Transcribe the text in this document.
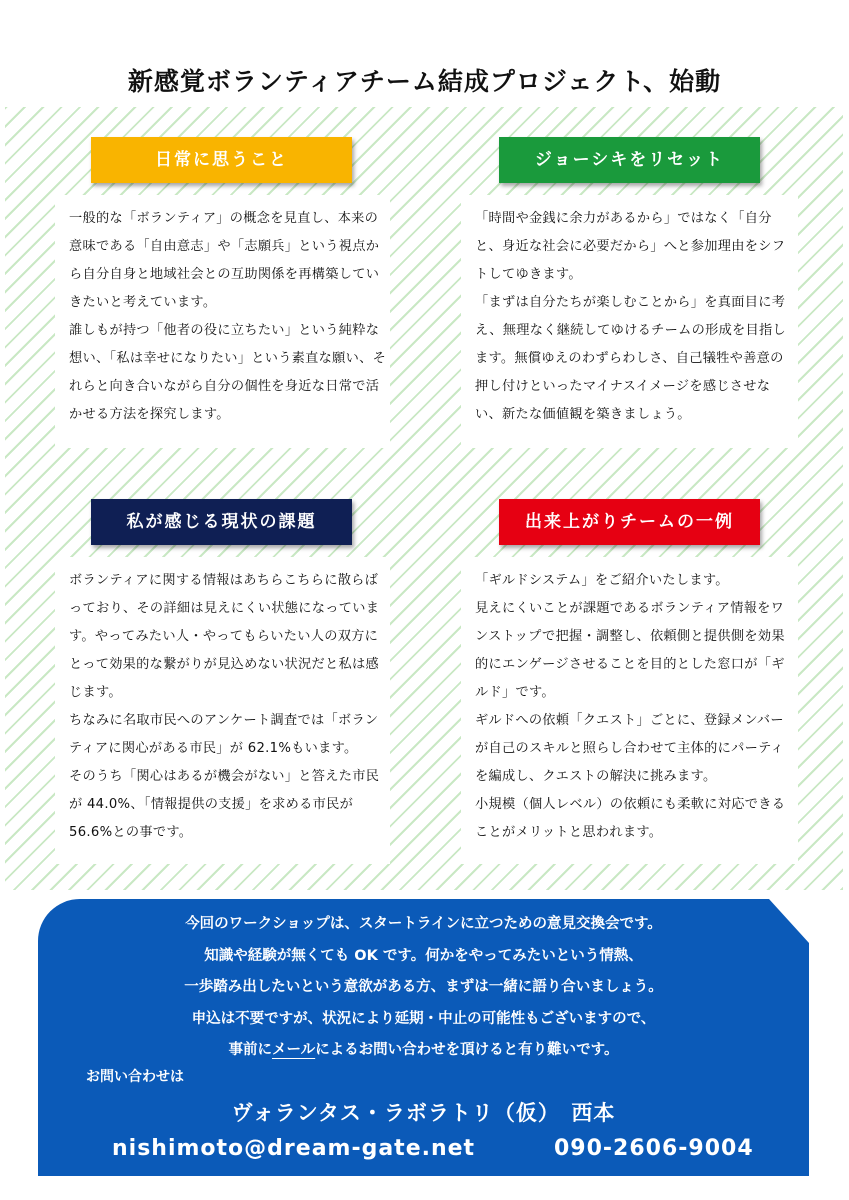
新感覚ボランティアチーム結成プロジェクト、始動

一般的な「ボランティア」の概念を見直し、本来の意味である「自由意志」や「志願兵」という視点から自分自身と地域社会との互助関係を再構築していきたいと考えています。

誰しもが持つ「他者の役に立ちたい」という純粋な想い、「私は幸せになりたい」という素直な願い、それらと向き合いながら自分の個性を身近な日常で活かせる方法を探究します。

日常に思うこと

「時間や金銭に余力があるから」ではなく「自分と、身近な社会に必要だから」へと参加理由をシフトしてゆきます。

「まずは自分たちが楽しむことから」を真面目に考え、無理なく継続してゆけるチームの形成を目指します。無償ゆえのわずらわしさ、自己犠牲や善意の押し付けといったマイナスイメージを感じさせない、新たな価値観を築きましょう。

ジョーシキをリセット

ボランティアに関する情報はあちらこちらに散らばっており、その詳細は見えにくい状態になっています。やってみたい人・やってもらいたい人の双方にとって効果的な繋がりが見込めない状況だと私は感じます。

ちなみに名取市民へのアンケート調査では「ボランティアに関心がある市民」が 62.1%もいます。

そのうち「関心はあるが機会がない」と答えた市民が 44.0%、「情報提供の支援」を求める市民が56.6%との事です。

私が感じる現状の課題

「ギルドシステム」をご紹介いたします。

見えにくいことが課題であるボランティア情報をワンストップで把握・調整し、依頼側と提供側を効果的にエンゲージさせることを目的とした窓口が「ギルド」です。

ギルドへの依頼「クエスト」ごとに、登録メンバーが自己のスキルと照らし合わせて主体的にパーティを編成し、クエストの解決に挑みます。

小規模（個人レベル）の依頼にも柔軟に対応できることがメリットと思われます。

出来上がりチームの一例

今回のワークショップは、スタートラインに立つための意見交換会です。

知識や経験が無くても OK です。何かをやってみたいという情熱、

一歩踏み出したいという意欲がある方、まずは一緒に語り合いましょう。

申込は不要ですが、状況により延期・中止の可能性もございますので、

事前にメールによるお問い合わせを頂けると有り難いです。

お問い合わせは
ヴォランタス・ラボラトリ（仮）　西本
nishimoto@dream-gate.net	090-2606-9004
